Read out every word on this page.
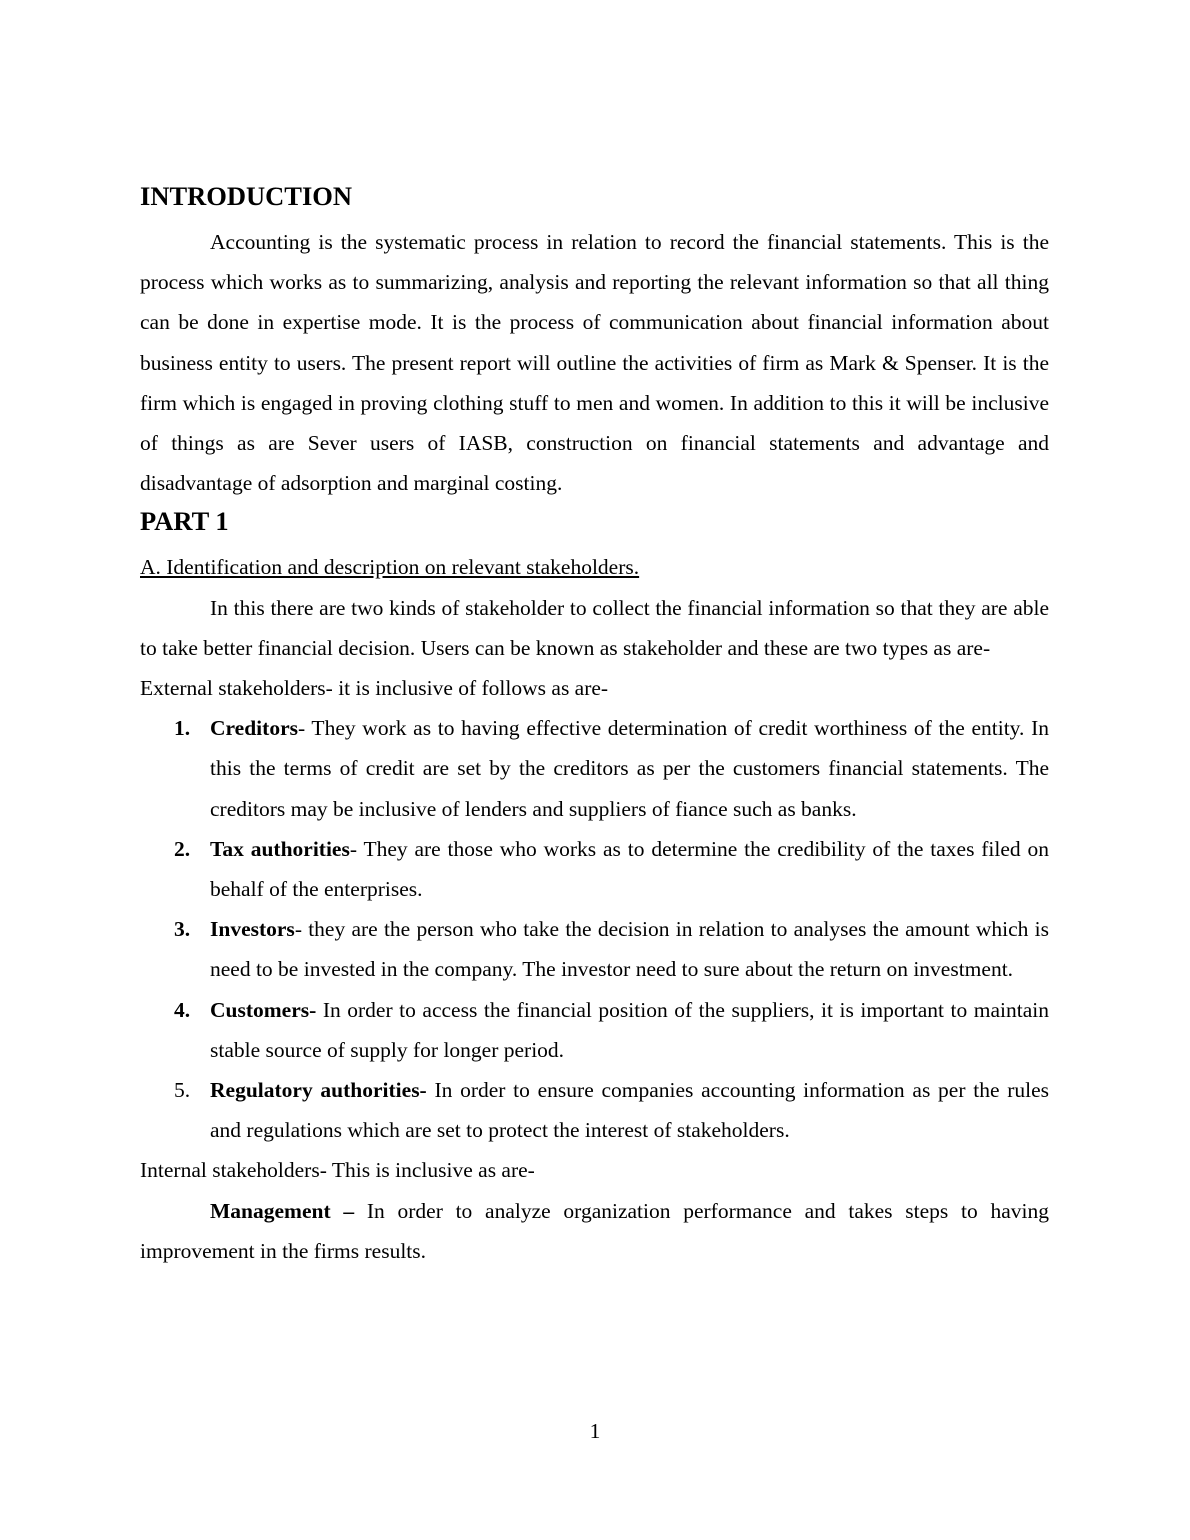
INTRODUCTION

Accounting is the systematic process in relation to record the financial statements. This is the process which works as to summarizing, analysis and reporting the relevant information so that all thing can be done in expertise mode. It is the process of communication about financial information about business entity to users. The present report will outline the activities of firm as Mark & Spenser. It is the firm which is engaged in proving clothing stuff to men and women. In addition to this it will be inclusive of things as are Sever users of IASB, construction on financial statements and advantage and disadvantage of adsorption and marginal costing.

PART 1

A. Identification and description on relevant stakeholders.

In this there are two kinds of stakeholder to collect the financial information so that they are able to take better financial decision. Users can be known as stakeholder and these are two types as are-

External stakeholders- it is inclusive of follows as are-

1. Creditors- They work as to having effective determination of credit worthiness of the entity. In this the terms of credit are set by the creditors as per the customers financial statements. The creditors may be inclusive of lenders and suppliers of fiance such as banks.
2. Tax authorities- They are those who works as to determine the credibility of the taxes filed on behalf of the enterprises.
3. Investors- they are the person who take the decision in relation to analyses the amount which is need to be invested in the company. The investor need to sure about the return on investment.
4. Customers- In order to access the financial position of the suppliers, it is important to maintain stable source of supply for longer period.
5. Regulatory authorities- In order to ensure companies accounting information as per the rules and regulations which are set to protect the interest of stakeholders.

Internal stakeholders- This is inclusive as are-

Management – In order to analyze organization performance and takes steps to having improvement in the firms results.

1
